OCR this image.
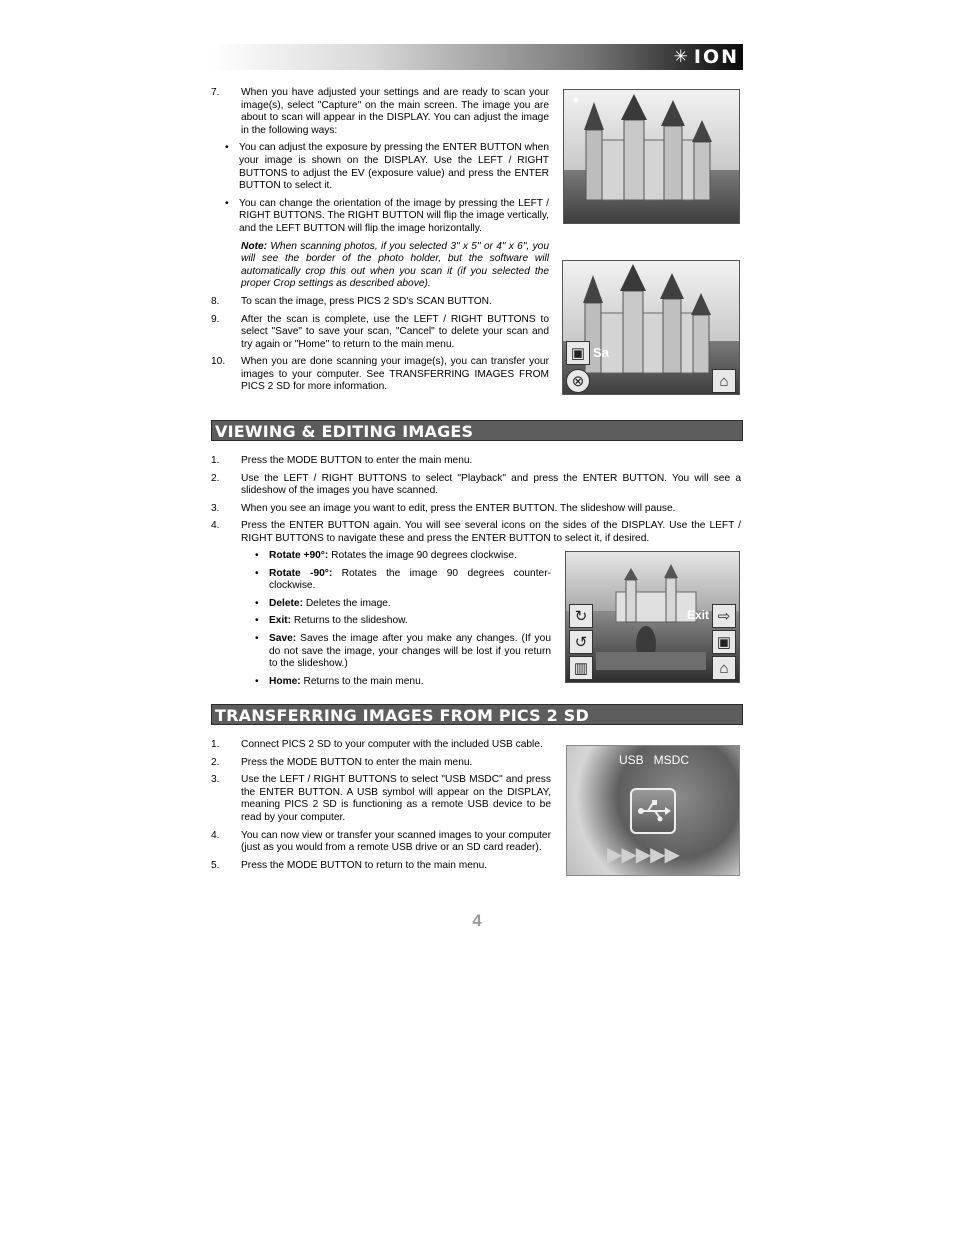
✳ ION
7. When you have adjusted your settings and are ready to scan your image(s), select "Capture" on the main screen. The image you are about to scan will appear in the DISPLAY. You can adjust the image in the following ways:
• You can adjust the exposure by pressing the ENTER BUTTON when your image is shown on the DISPLAY. Use the LEFT / RIGHT BUTTONS to adjust the EV (exposure value) and press the ENTER BUTTON to select it.
• You can change the orientation of the image by pressing the LEFT / RIGHT BUTTONS. The RIGHT BUTTON will flip the image vertically, and the LEFT BUTTON will flip the image horizontally.
Note: When scanning photos, if you selected 3" x 5" or 4" x 6", you will see the border of the photo holder, but the software will automatically crop this out when you scan it (if you selected the proper Crop settings as described above).
8. To scan the image, press PICS 2 SD's SCAN BUTTON.
9. After the scan is complete, use the LEFT / RIGHT BUTTONS to select "Save" to save your scan, "Cancel" to delete your scan and try again or "Home" to return to the main menu.
10. When you are done scanning your image(s), you can transfer your images to your computer. See TRANSFERRING IMAGES FROM PICS 2 SD for more information.
▣ Sa
⊗	⌂
VIEWING & EDITING IMAGES
1. Press the MODE BUTTON to enter the main menu.
2. Use the LEFT / RIGHT BUTTONS to select "Playback" and press the ENTER BUTTON. You will see a slideshow of the images you have scanned.
3. When you see an image you want to edit, press the ENTER BUTTON. The slideshow will pause.
4. Press the ENTER BUTTON again. You will see several icons on the sides of the DISPLAY. Use the LEFT / RIGHT BUTTONS to navigate these and press the ENTER BUTTON to select it, if desired.
• Rotate +90°: Rotates the image 90 degrees clockwise.
• Rotate -90°: Rotates the image 90 degrees counter-clockwise.
• Delete: Deletes the image.
• Exit: Returns to the slideshow.
• Save: Saves the image after you make any changes. (If you do not save the image, your changes will be lost if you return to the slideshow.)
• Home: Returns to the main menu.
↻
↺
▥
Exit ⇨
▣
⌂
TRANSFERRING IMAGES FROM PICS 2 SD
1. Connect PICS 2 SD to your computer with the included USB cable.
2. Press the MODE BUTTON to enter the main menu.
3. Use the LEFT / RIGHT BUTTONS to select "USB MSDC" and press the ENTER BUTTON. A USB symbol will appear on the DISPLAY, meaning PICS 2 SD is functioning as a remote USB device to be read by your computer.
4. You can now view or transfer your scanned images to your computer (just as you would from a remote USB drive or an SD card reader).
5. Press the MODE BUTTON to return to the main menu.
USB   MSDC
▶▶▶▶▶
4
